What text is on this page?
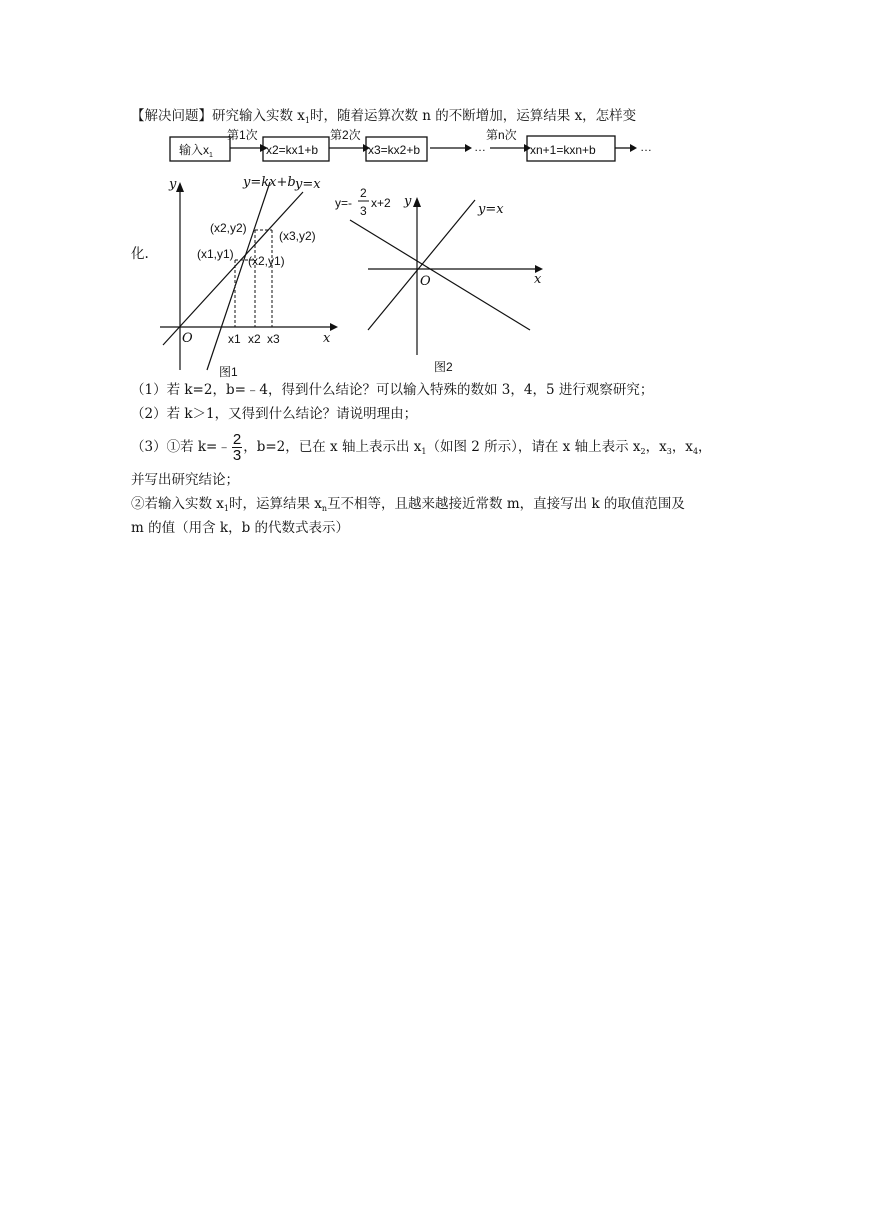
【解决问题】研究输入实数 $x_1$时，随着运算次数 n 的不断增加，运算结果 x，怎样变
输入$x_1$
第1次
x2=kx1+b
第2次
x3=kx2+b	…
第n次
xn+1=kxn+b	…
化.
y
x
O
y=kx+b y=x
(x1,y1)
(x2,y2)
(x2,y1)
(x3,y2)
x1 x2 x3
图1
y=-
2
3
x+2 y
y=x
x
O
图2
（1）若 k=2，b=﹣4，得到什么结论？可以输入特殊的数如 3，4，5 进行观察研究；
（2）若 k＞1，又得到什么结论？请说明理由；
（3）①若 k=﹣ $\frac{2}{3}$ ，b=2，已在 x 轴上表示出 $x_1$（如图 2 所示），请在 x 轴上表示 $x_2$，$x_3$，$x_4$，
并写出研究结论；
②若输入实数 $x_1$时，运算结果 $x_n$互不相等，且越来越接近常数 m，直接写出 k 的取值范围及
m 的值（用含 k，b 的代数式表示）
